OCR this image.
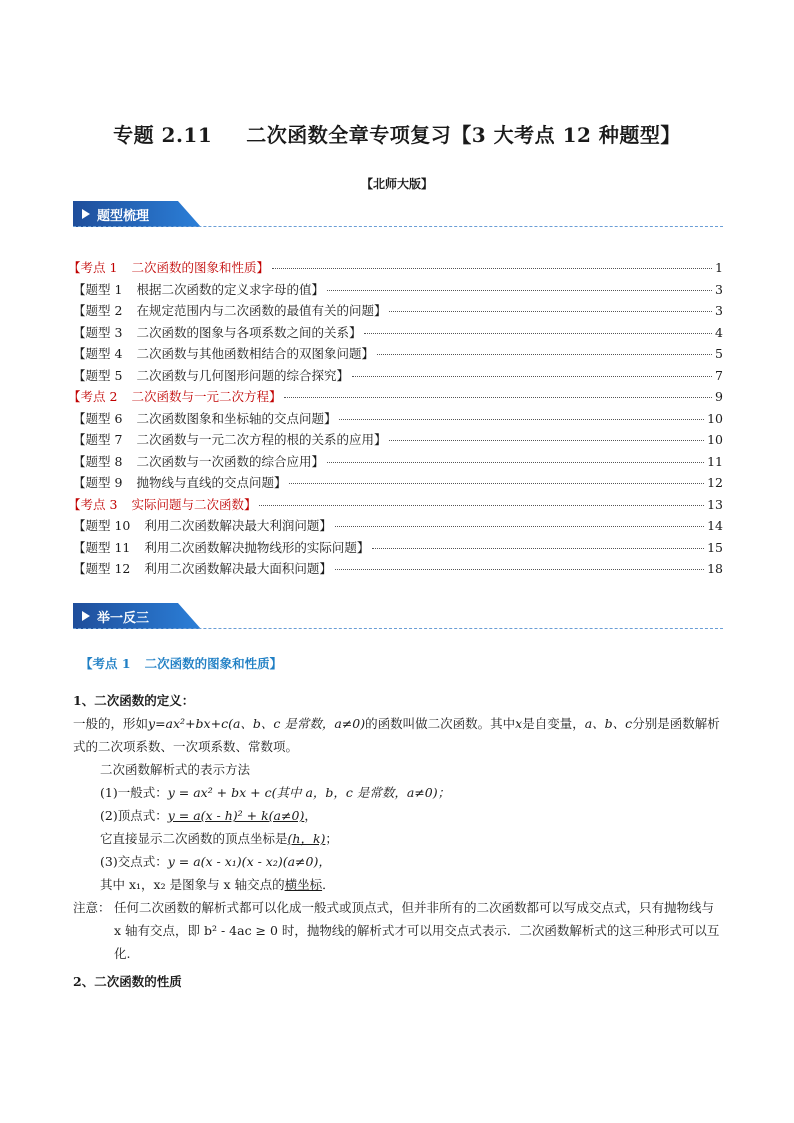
专题 2.11 二次函数全章专项复习【3 大考点 12 种题型】
【北师大版】
题型梳理
【考点 1 二次函数的图象和性质】	1
【题型 1 根据二次函数的定义求字母的值】	3
【题型 2 在规定范围内与二次函数的最值有关的问题】	3
【题型 3 二次函数的图象与各项系数之间的关系】	4
【题型 4 二次函数与其他函数相结合的双图象问题】	5
【题型 5 二次函数与几何图形问题的综合探究】	7
【考点 2 二次函数与一元二次方程】	9
【题型 6 二次函数图象和坐标轴的交点问题】	10
【题型 7 二次函数与一元二次方程的根的关系的应用】	10
【题型 8 二次函数与一次函数的综合应用】	11
【题型 9 抛物线与直线的交点问题】	12
【考点 3 实际问题与二次函数】	13
【题型 10 利用二次函数解决最大利润问题】	14
【题型 11 利用二次函数解决抛物线形的实际问题】	15
【题型 12 利用二次函数解决最大面积问题】	18
举一反三
【考点 1 二次函数的图象和性质】
1、二次函数的定义：
一般的，形如y=ax²+bx+c(a、b、c 是常数，a≠0)的函数叫做二次函数。其中x是自变量，a、b、c分别是函数解析式的二次项系数、一次项系数、常数项。
二次函数解析式的表示方法
(1)一般式：y = ax² + bx + c(其中 a，b，c 是常数，a≠0)；
(2)顶点式：y = a(x - h)² + k(a≠0)，
它直接显示二次函数的顶点坐标是(h，k)；
(3)交点式：y = a(x - x₁)(x - x₂)(a≠0)，
其中 x₁，x₂ 是图象与 x 轴交点的横坐标．
注意： 任何二次函数的解析式都可以化成一般式或顶点式，但并非所有的二次函数都可以写成交点式，只有抛物线与 x 轴有交点，即 b² - 4ac ≥ 0 时，抛物线的解析式才可以用交点式表示．二次函数解析式的这三种形式可以互化.
2、二次函数的性质
